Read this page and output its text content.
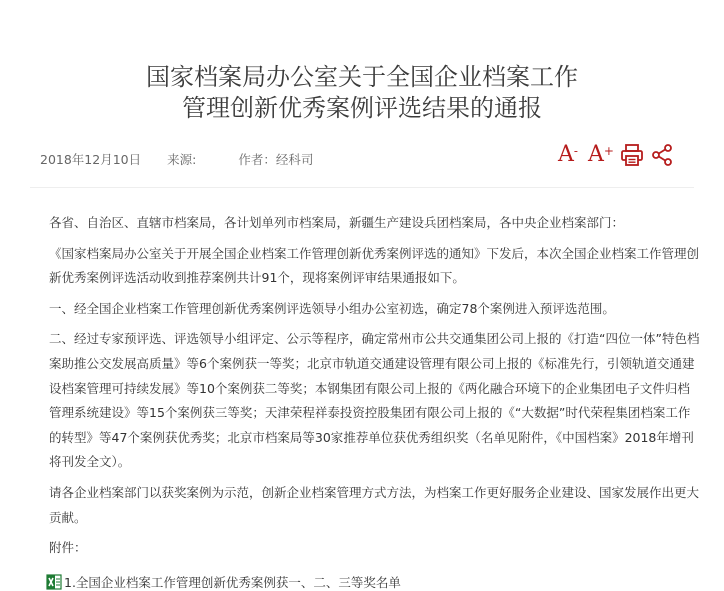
国家档案局办公室关于全国企业档案工作
管理创新优秀案例评选结果的通报
2018年12月10日 来源:	作者：经科司	A- A+

各省、自治区、直辖市档案局，各计划单列市档案局，新疆生产建设兵团档案局，各中央企业档案部门：

《国家档案局办公室关于开展全国企业档案工作管理创新优秀案例评选的通知》下发后，本次全国企业档案工作管理创新优秀案例评选活动收到推荐案例共计91个，现将案例评审结果通报如下。

一、经全国企业档案工作管理创新优秀案例评选领导小组办公室初选，确定78个案例进入预评选范围。

二、经过专家预评选、评选领导小组评定、公示等程序，确定常州市公共交通集团公司上报的《打造“四位一体”特色档案助推公交发展高质量》等6个案例获一等奖；北京市轨道交通建设管理有限公司上报的《标准先行，引领轨道交通建设档案管理可持续发展》等10个案例获二等奖；本钢集团有限公司上报的《两化融合环境下的企业集团电子文件归档管理系统建设》等15个案例获三等奖；天津荣程祥泰投资控股集团有限公司上报的《“大数据”时代荣程集团档案工作的转型》等47个案例获优秀奖；北京市档案局等30家推荐单位获优秀组织奖（名单见附件，《中国档案》2018年增刊将刊发全文）。

请各企业档案部门以获奖案例为示范，创新企业档案管理方式方法，为档案工作更好服务企业建设、国家发展作出更大贡献。

附件：

1.全国企业档案工作管理创新优秀案例获一、二、三等奖名单
